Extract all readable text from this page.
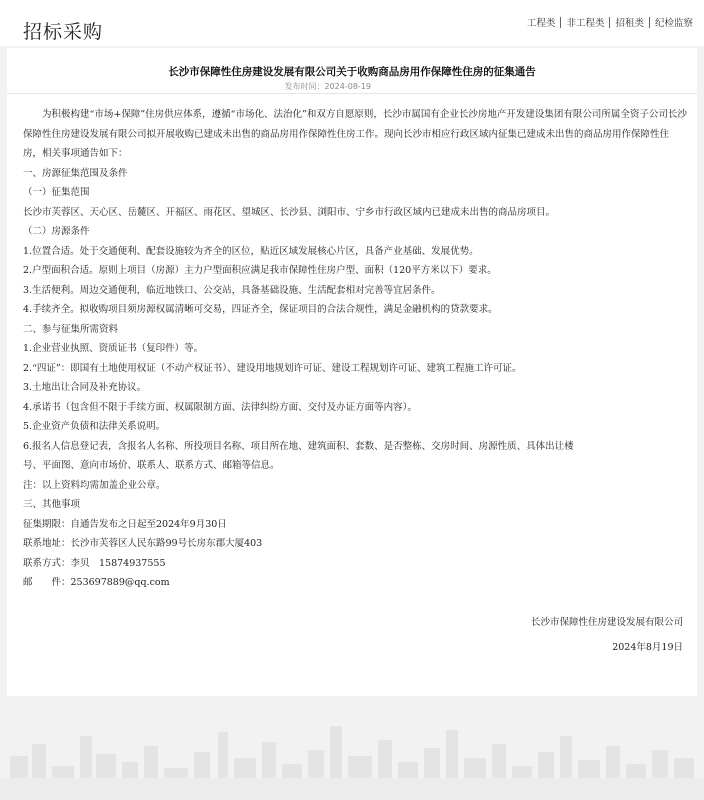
招标采购	工程类	非工程类	招租类	纪检监察
长沙市保障性住房建设发展有限公司关于收购商品房用作保障性住房的征集通告
发布时间：2024-08-19

为积极构建“市场+保障”住房供应体系，遵循“市场化、法治化”和双方自愿原则，长沙市属国有企业长沙房地产开发建设集团有限公司所属全资子公司长沙保障性住房建设发展有限公司拟开展收购已建成未出售的商品房用作保障性住房工作。现向长沙市相应行政区域内征集已建成未出售的商品房用作保障性住房，相关事项通告如下：

一、房源征集范围及条件

（一）征集范围

长沙市芙蓉区、天心区、岳麓区、开福区、雨花区、望城区、长沙县、浏阳市、宁乡市行政区域内已建成未出售的商品房项目。

（二）房源条件

1.位置合适。处于交通便利、配套设施较为齐全的区位，贴近区域发展核心片区，具备产业基础、发展优势。

2.户型面积合适。原则上项目（房源）主力户型面积应满足我市保障性住房户型、面积（120平方米以下）要求。

3.生活便利。周边交通便利，临近地铁口、公交站，具备基础设施、生活配套相对完善等宜居条件。

4.手续齐全。拟收购项目须房源权属清晰可交易，四证齐全，保证项目的合法合规性，满足金融机构的贷款要求。

二、参与征集所需资料

1.企业营业执照、资质证书（复印件）等。

2.“四证”：即国有土地使用权证（不动产权证书）、建设用地规划许可证、建设工程规划许可证、建筑工程施工许可证。

3.土地出让合同及补充协议。

4.承诺书（包含但不限于手续方面、权属限制方面、法律纠纷方面、交付及办证方面等内容）。

5.企业资产负债和法律关系说明。

6.报名人信息登记表，含报名人名称、所投项目名称、项目所在地、建筑面积、套数、是否整栋、交房时间、房源性质、具体出让楼

号、平面图、意向市场价、联系人、联系方式、邮箱等信息。

注：以上资料均需加盖企业公章。

三、其他事项

征集期限：自通告发布之日起至2024年9月30日

联系地址：长沙市芙蓉区人民东路99号长房东郡大厦403

联系方式：李贝　15874937555

邮　　件：253697889@qq.com

长沙市保障性住房建设发展有限公司
2024年8月19日
